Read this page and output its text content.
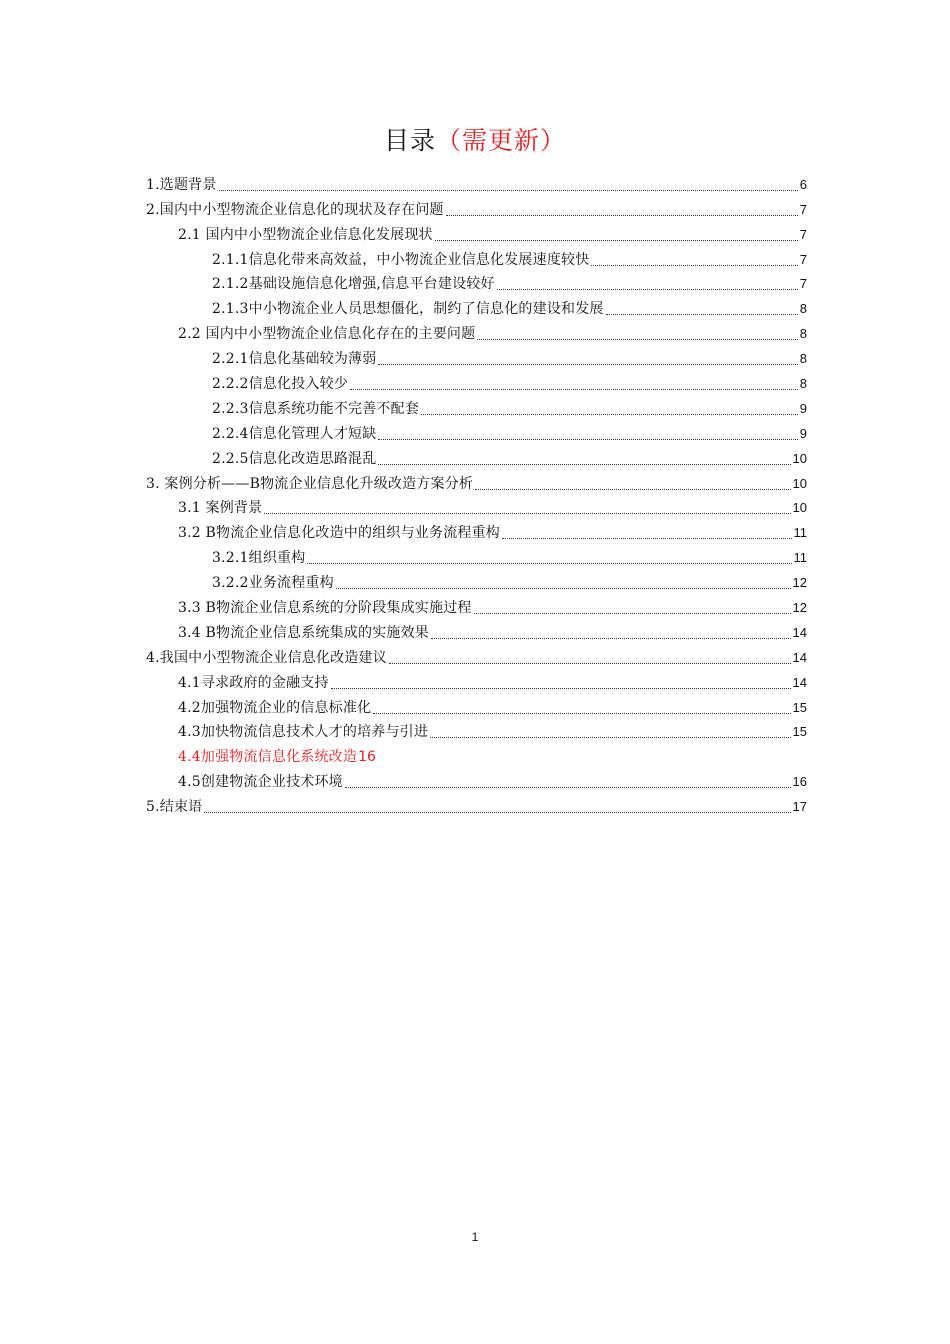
目录（需更新）
1.选题背景	6
2.国内中小型物流企业信息化的现状及存在问题	7
2.1 国内中小型物流企业信息化发展现状	7
2.1.1信息化带来高效益，中小物流企业信息化发展速度较快	7
2.1.2基础设施信息化增强,信息平台建设较好	7
2.1.3中小物流企业人员思想僵化，制约了信息化的建设和发展	8
2.2 国内中小型物流企业信息化存在的主要问题	8
2.2.1信息化基础较为薄弱	8
2.2.2信息化投入较少	8
2.2.3信息系统功能不完善不配套	9
2.2.4信息化管理人才短缺	9
2.2.5信息化改造思路混乱	10
3. 案例分析——B物流企业信息化升级改造方案分析	10
3.1 案例背景	10
3.2 B物流企业信息化改造中的组织与业务流程重构	11
3.2.1组织重构	11
3.2.2业务流程重构	12
3.3 B物流企业信息系统的分阶段集成实施过程	12
3.4 B物流企业信息系统集成的实施效果	14
4.我国中小型物流企业信息化改造建议	14
4.1寻求政府的金融支持	14
4.2加强物流企业的信息标准化	15
4.3加快物流信息技术人才的培养与引进	15
4.4加强物流信息化系统改造 16
4.5创建物流企业技术环境	16
5.结束语	17
1
